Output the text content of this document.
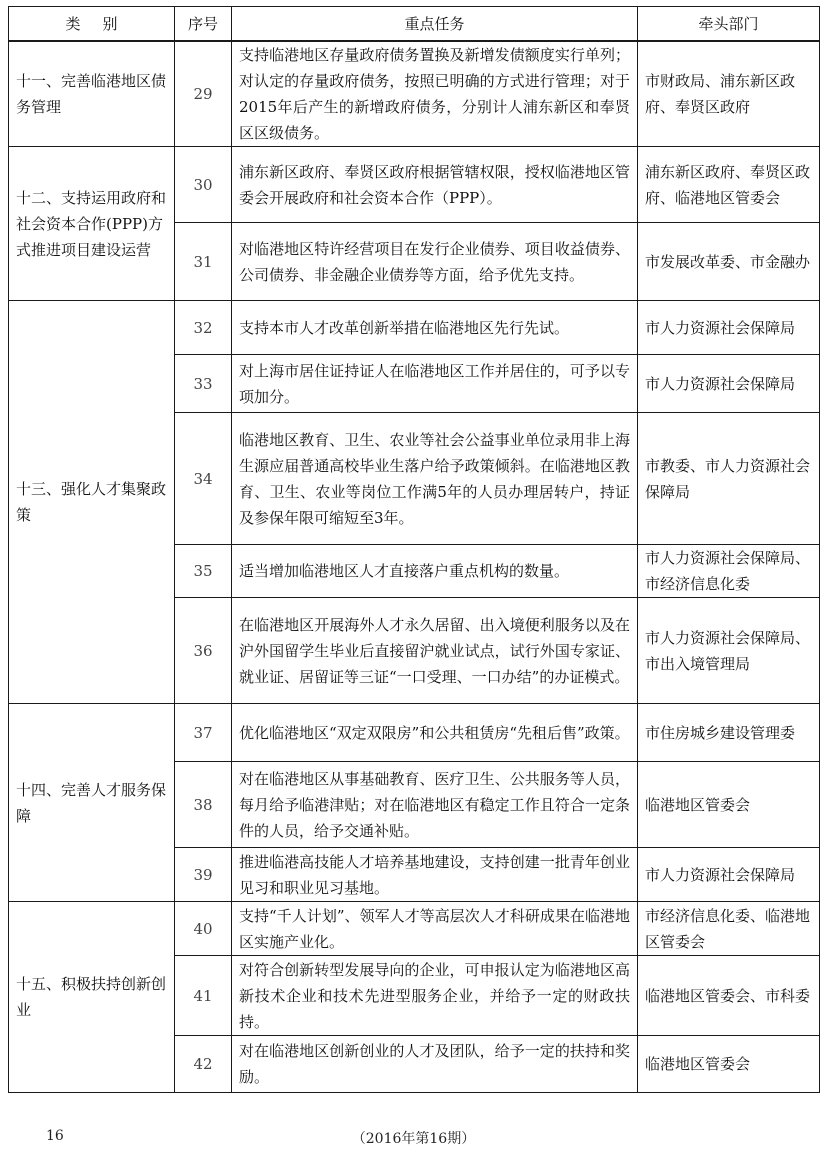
类别	序号	重点任务	牵头部门
十一、完善临港地区债务管理	29	支持临港地区存量政府债务置换及新增发债额度实行单列；对认定的存量政府债务，按照已明确的方式进行管理；对于2015年后产生的新增政府债务，分别计人浦东新区和奉贤区区级债务。	市财政局、浦东新区政府、奉贤区政府
十二、支持运用政府和社会资本合作(PPP)方式推进项目建设运营	30	浦东新区政府、奉贤区政府根据管辖权限，授权临港地区管委会开展政府和社会资本合作（PPP）。	浦东新区政府、奉贤区政府、临港地区管委会
	31	对临港地区特许经营项目在发行企业债券、项目收益债券、公司债券、非金融企业债券等方面，给予优先支持。	市发展改革委、市金融办
十三、强化人才集聚政策	32	支持本市人才改革创新举措在临港地区先行先试。	市人力资源社会保障局
	33	对上海市居住证持证人在临港地区工作并居住的，可予以专项加分。	市人力资源社会保障局
	34	临港地区教育、卫生、农业等社会公益事业单位录用非上海生源应届普通高校毕业生落户给予政策倾斜。在临港地区教育、卫生、农业等岗位工作满5年的人员办理居转户，持证及参保年限可缩短至3年。	市教委、市人力资源社会保障局
	35	适当增加临港地区人才直接落户重点机构的数量。	市人力资源社会保障局、市经济信息化委
	36	在临港地区开展海外人才永久居留、出入境便利服务以及在沪外国留学生毕业后直接留沪就业试点，试行外国专家证、就业证、居留证等三证“一口受理、一口办结”的办证模式。	市人力资源社会保障局、市出入境管理局
十四、完善人才服务保障	37	优化临港地区“双定双限房”和公共租赁房“先租后售”政策。	市住房城乡建设管理委
	38	对在临港地区从事基础教育、医疗卫生、公共服务等人员，每月给予临港津贴；对在临港地区有稳定工作且符合一定条件的人员，给予交通补贴。	临港地区管委会
	39	推进临港高技能人才培养基地建设，支持创建一批青年创业见习和职业见习基地。	市人力资源社会保障局
十五、积极扶持创新创业	40	支持“千人计划”、领军人才等高层次人才科研成果在临港地区实施产业化。	市经济信息化委、临港地区管委会
	41	对符合创新转型发展导向的企业，可申报认定为临港地区高新技术企业和技术先进型服务企业，并给予一定的财政扶持。	临港地区管委会、市科委
	42	对在临港地区创新创业的人才及团队，给予一定的扶持和奖励。	临港地区管委会
16	（2016年第16期）
